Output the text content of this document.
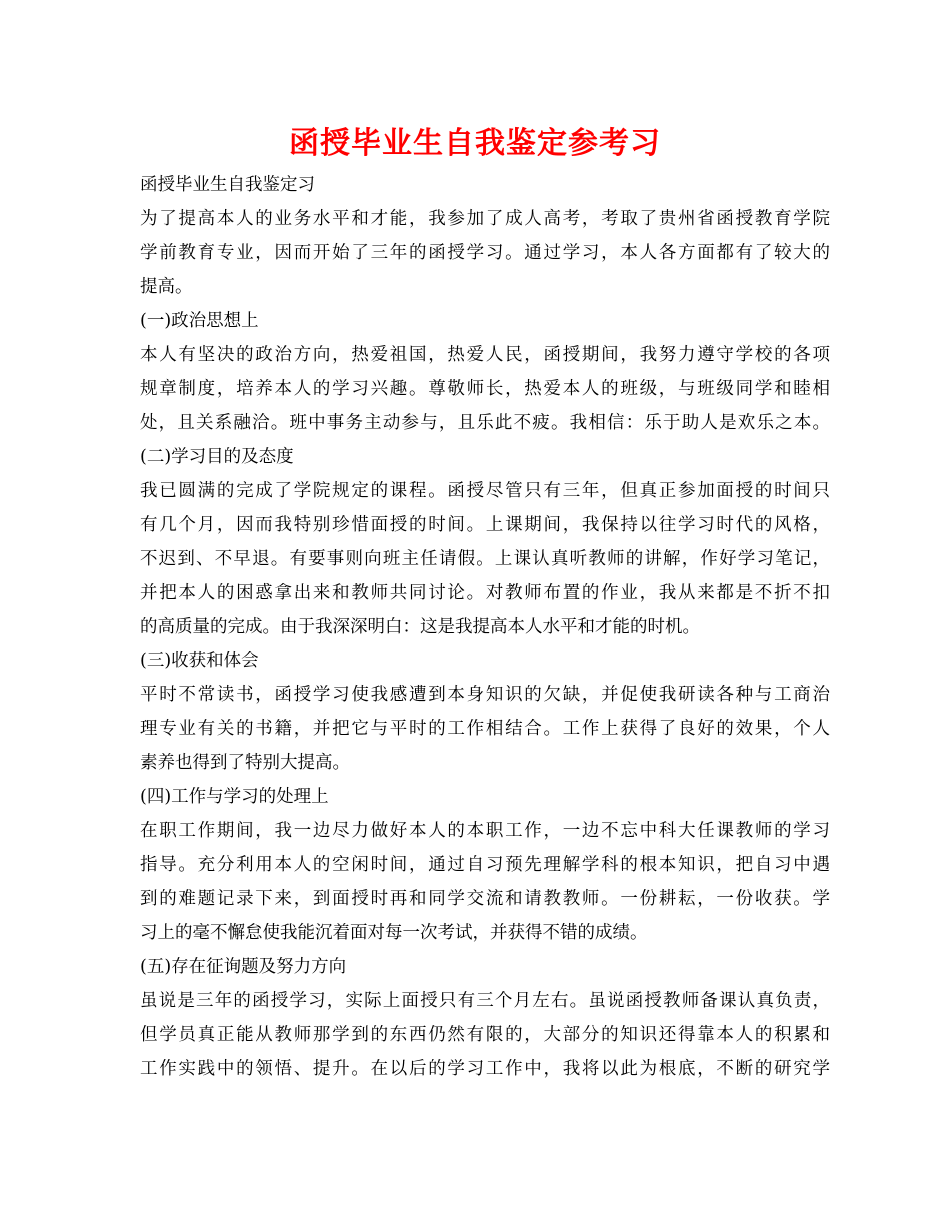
函授毕业生自我鉴定参考习

函授毕业生自我鉴定习

为了提高本人的业务水平和才能，我参加了成人高考，考取了贵州省函授教育学院
学前教育专业，因而开始了三年的函授学习。通过学习，本人各方面都有了较大的
提高。

(一)政治思想上

本人有坚决的政治方向，热爱祖国，热爱人民，函授期间，我努力遵守学校的各项
规章制度，培养本人的学习兴趣。尊敬师长，热爱本人的班级，与班级同学和睦相
处，且关系融洽。班中事务主动参与，且乐此不疲。我相信：乐于助人是欢乐之本。

(二)学习目的及态度

我已圆满的完成了学院规定的课程。函授尽管只有三年，但真正参加面授的时间只
有几个月，因而我特别珍惜面授的时间。上课期间，我保持以往学习时代的风格，
不迟到、不早退。有要事则向班主任请假。上课认真听教师的讲解，作好学习笔记，
并把本人的困惑拿出来和教师共同讨论。对教师布置的作业，我从来都是不折不扣
的高质量的完成。由于我深深明白：这是我提高本人水平和才能的时机。

(三)收获和体会

平时不常读书，函授学习使我感遭到本身知识的欠缺，并促使我研读各种与工商治
理专业有关的书籍，并把它与平时的工作相结合。工作上获得了良好的效果，个人
素养也得到了特别大提高。

(四)工作与学习的处理上

在职工作期间，我一边尽力做好本人的本职工作，一边不忘中科大任课教师的学习
指导。充分利用本人的空闲时间，通过自习预先理解学科的根本知识，把自习中遇
到的难题记录下来，到面授时再和同学交流和请教教师。一份耕耘，一份收获。学
习上的毫不懈怠使我能沉着面对每一次考试，并获得不错的成绩。

(五)存在征询题及努力方向

虽说是三年的函授学习，实际上面授只有三个月左右。虽说函授教师备课认真负责，
但学员真正能从教师那学到的东西仍然有限的，大部分的知识还得靠本人的积累和
工作实践中的领悟、提升。在以后的学习工作中，我将以此为根底，不断的研究学
